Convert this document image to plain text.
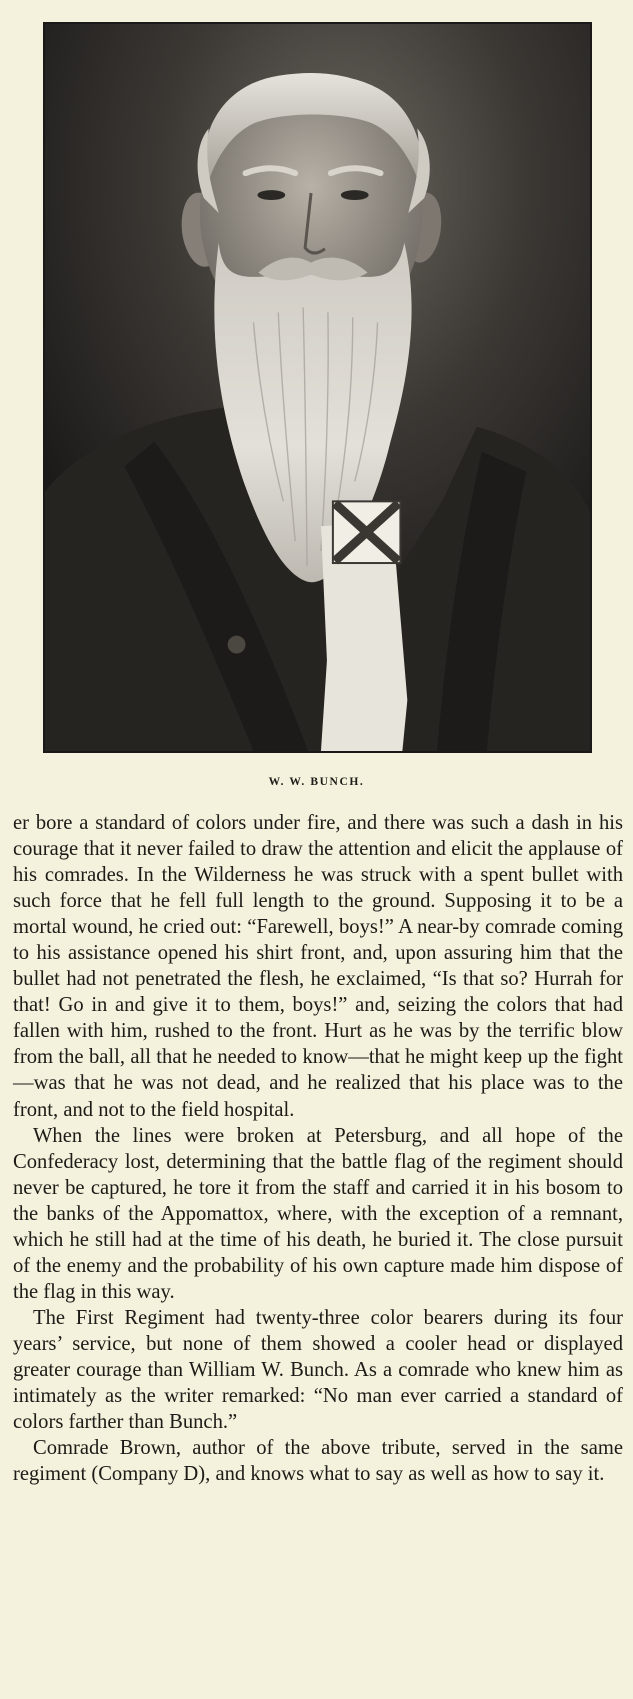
W. W. BUNCH.

er bore a standard of colors under fire, and there was such a dash in his courage that it never failed to draw the attention and elicit the applause of his comrades. In the Wilderness he was struck with a spent bullet with such force that he fell full length to the ground. Supposing it to be a mortal wound, he cried out: “Farewell, boys!” A near-by comrade coming to his assistance opened his shirt front, and, upon assuring him that the bullet had not penetrated the flesh, he exclaimed, “Is that so? Hurrah for that! Go in and give it to them, boys!” and, seizing the colors that had fallen with him, rushed to the front. Hurt as he was by the terrific blow from the ball, all that he needed to know—that he might keep up the fight—was that he was not dead, and he realized that his place was to the front, and not to the field hospital.

When the lines were broken at Petersburg, and all hope of the Confederacy lost, determining that the battle flag of the regiment should never be captured, he tore it from the staff and carried it in his bosom to the banks of the Appomattox, where, with the exception of a remnant, which he still had at the time of his death, he buried it. The close pursuit of the enemy and the probability of his own capture made him dispose of the flag in this way.

The First Regiment had twenty-three color bearers during its four years’ service, but none of them showed a cooler head or displayed greater courage than William W. Bunch. As a comrade who knew him as intimately as the writer remarked: “No man ever carried a standard of colors farther than Bunch.”

Comrade Brown, author of the above tribute, served in the same regiment (Company D), and knows what to say as well as how to say it.
